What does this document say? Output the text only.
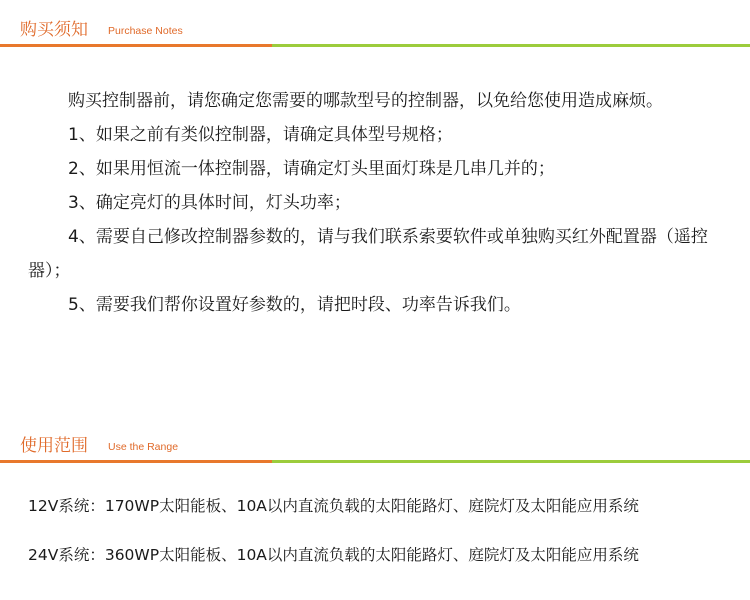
购买须知 Purchase Notes

购买控制器前，请您确定您需要的哪款型号的控制器，以免给您使用造成麻烦。

1、如果之前有类似控制器，请确定具体型号规格；

2、如果用恒流一体控制器，请确定灯头里面灯珠是几串几并的；

3、确定亮灯的具体时间，灯头功率；

4、需要自己修改控制器参数的，请与我们联系索要软件或单独购买红外配置器（遥控器）；

5、需要我们帮你设置好参数的，请把时段、功率告诉我们。

使用范围 Use the Range
12V系统：170WP太阳能板、10A以内直流负载的太阳能路灯、庭院灯及太阳能应用系统
24V系统：360WP太阳能板、10A以内直流负载的太阳能路灯、庭院灯及太阳能应用系统
